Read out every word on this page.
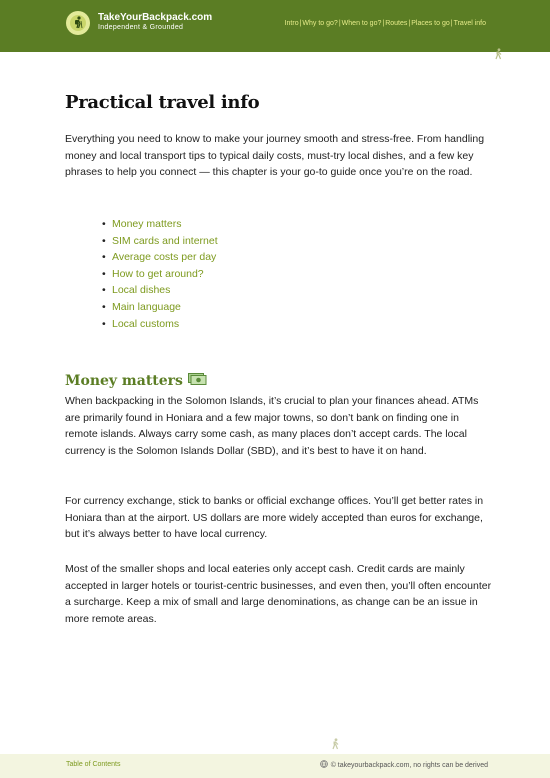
TakeYourBackpack.com
Independent & Grounded
Intro | Why to go? | When to go? | Routes | Places to go | Travel info
Practical travel info

Everything you need to know to make your journey smooth and stress-free. From handling money and local transport tips to typical daily costs, must-try local dishes, and a few key phrases to help you connect — this chapter is your go-to guide once you’re on the road.

• Money matters
• SIM cards and internet
• Average costs per day
• How to get around?
• Local dishes
• Main language
• Local customs
Money matters

When backpacking in the Solomon Islands, it’s crucial to plan your finances ahead. ATMs are primarily found in Honiara and a few major towns, so don’t bank on finding one in remote islands. Always carry some cash, as many places don’t accept cards. The local currency is the Solomon Islands Dollar (SBD), and it’s best to have it on hand.

For currency exchange, stick to banks or official exchange offices. You’ll get better rates in Honiara than at the airport. US dollars are more widely accepted than euros for exchange, but it’s always better to have local currency.

Most of the smaller shops and local eateries only accept cash. Credit cards are mainly accepted in larger hotels or tourist-centric businesses, and even then, you’ll often encounter a surcharge. Keep a mix of small and large denominations, as change can be an issue in more remote areas.

Table of Contents	© takeyourbackpack.com, no rights can be derived
